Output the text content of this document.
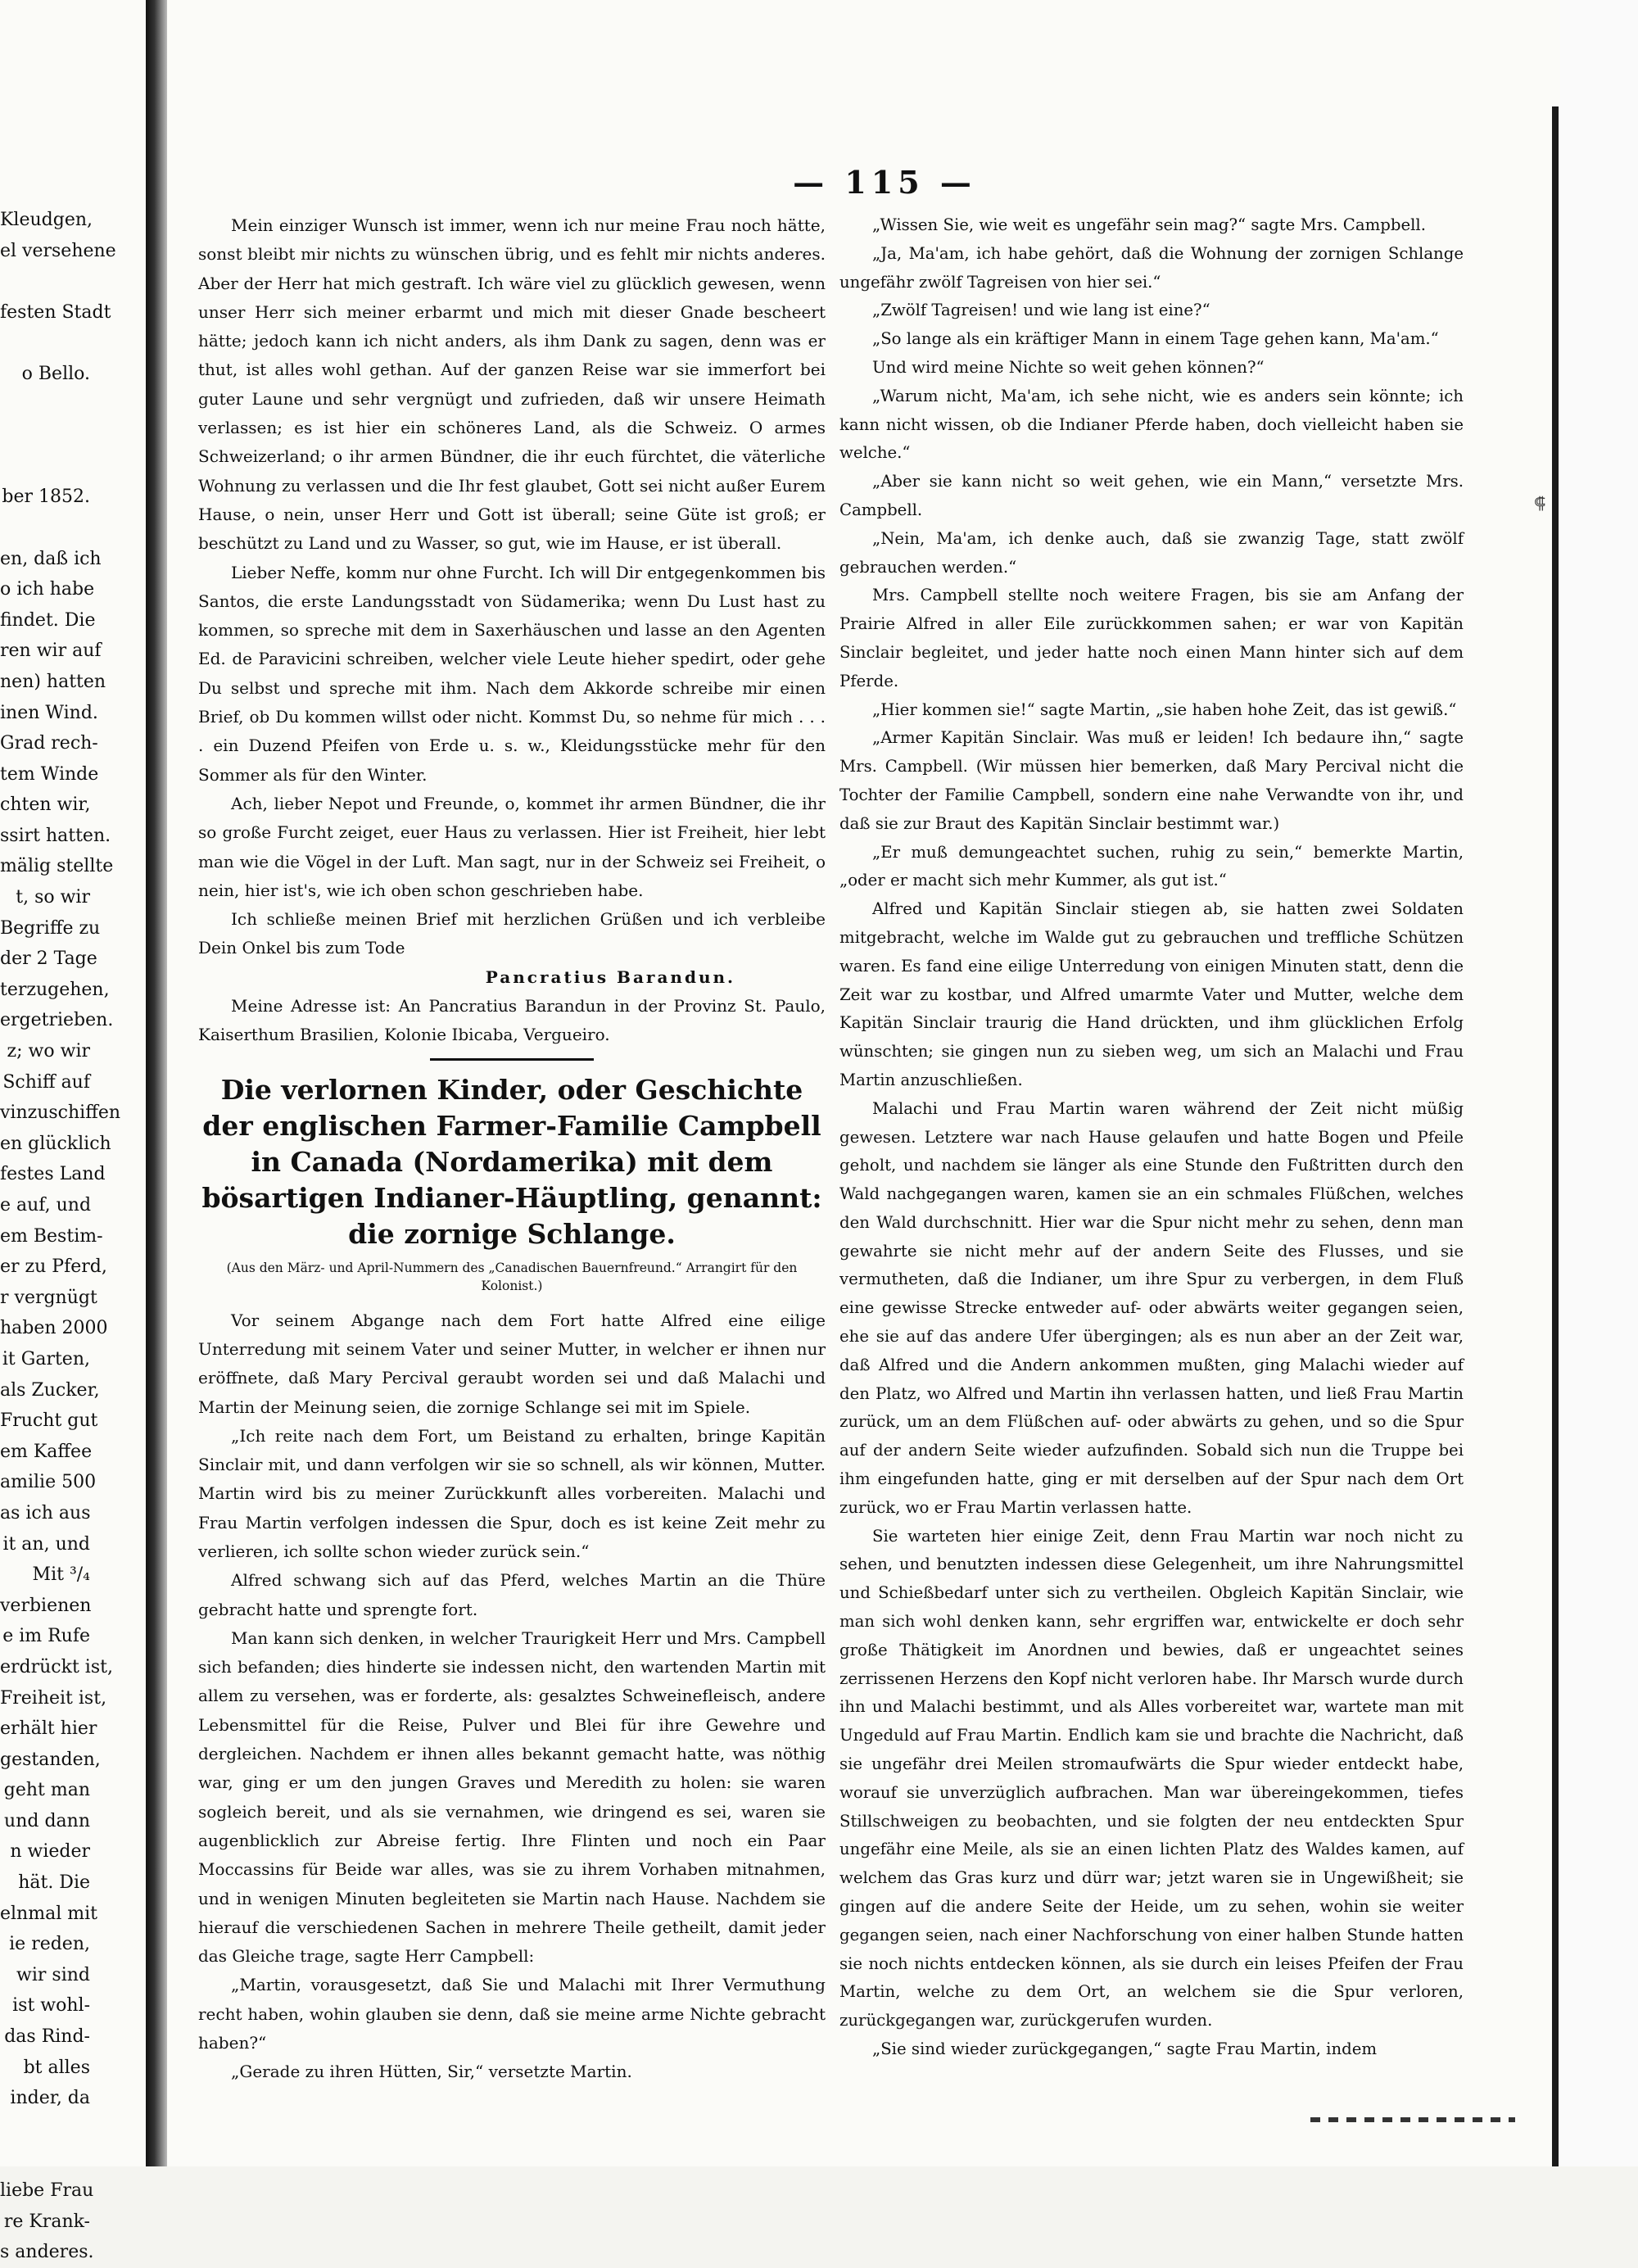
⸿
— 115 —
Kleudgen,
el versehene

festen Stadt

o Bello.

ber 1852.

en, daß ich
o ich habe
findet. Die
ren wir auf
nen) hatten
inen Wind.
Grad rech-
tem Winde
chten wir,
ssirt hatten.
mälig stellte
t, so wir
Begriffe zu
der 2 Tage
terzugehen,
ergetrieben.
z; wo wir
Schiff auf
vinzuschiffen
en glücklich
festes Land
e auf, und
em Bestim-
er zu Pferd,
r vergnügt
haben 2000
it Garten,
als Zucker,
Frucht gut
em Kaffee
amilie 500
as ich aus
it an, und
Mit ³/₄
verbienen
e im Rufe
erdrückt ist,
Freiheit ist,
erhält hier
gestanden,
geht man
und dann
n wieder
hät. Die
elnmal mit
ie reden,
wir sind
ist wohl-
das Rind-
bt alles
inder, da

liebe Frau
re Krank-
s anderes.

Mein einziger Wunsch ist immer, wenn ich nur meine Frau noch hätte, sonst bleibt mir nichts zu wünschen übrig, und es fehlt mir nichts anderes. Aber der Herr hat mich gestraft. Ich wäre viel zu glücklich gewesen, wenn unser Herr sich meiner erbarmt und mich mit dieser Gnade bescheert hätte; jedoch kann ich nicht anders, als ihm Dank zu sagen, denn was er thut, ist alles wohl gethan. Auf der ganzen Reise war sie immerfort bei guter Laune und sehr vergnügt und zufrieden, daß wir unsere Heimath verlassen; es ist hier ein schöneres Land, als die Schweiz. O armes Schweizerland; o ihr armen Bündner, die ihr euch fürchtet, die väterliche Wohnung zu verlassen und die Ihr fest glaubet, Gott sei nicht außer Eurem Hause, o nein, unser Herr und Gott ist überall; seine Güte ist groß; er beschützt zu Land und zu Wasser, so gut, wie im Hause, er ist überall.

Lieber Neffe, komm nur ohne Furcht. Ich will Dir entgegenkommen bis Santos, die erste Landungsstadt von Südamerika; wenn Du Lust hast zu kommen, so spreche mit dem in Saxerhäuschen und lasse an den Agenten Ed. de Paravicini schreiben, welcher viele Leute hieher spedirt, oder gehe Du selbst und spreche mit ihm. Nach dem Akkorde schreibe mir einen Brief, ob Du kommen willst oder nicht. Kommst Du, so nehme für mich . . . . ein Duzend Pfeifen von Erde u. s. w., Kleidungsstücke mehr für den Sommer als für den Winter.

Ach, lieber Nepot und Freunde, o, kommet ihr armen Bündner, die ihr so große Furcht zeiget, euer Haus zu verlassen. Hier ist Freiheit, hier lebt man wie die Vögel in der Luft. Man sagt, nur in der Schweiz sei Freiheit, o nein, hier ist's, wie ich oben schon geschrieben habe.

Ich schließe meinen Brief mit herzlichen Grüßen und ich verbleibe Dein Onkel bis zum Tode

Pancratius Barandun.

Meine Adresse ist: An Pancratius Barandun in der Provinz St. Paulo, Kaiserthum Brasilien, Kolonie Ibicaba, Vergueiro.

Die verlornen Kinder, oder Geschichte der englischen Farmer-Familie Campbell in Canada (Nordamerika) mit dem bösartigen Indianer-Häuptling, genannt: die zornige Schlange.
(Aus den März- und April-Nummern des „Canadischen Bauernfreund.“ Arrangirt für den Kolonist.)

Vor seinem Abgange nach dem Fort hatte Alfred eine eilige Unterredung mit seinem Vater und seiner Mutter, in welcher er ihnen nur eröffnete, daß Mary Percival geraubt worden sei und daß Malachi und Martin der Meinung seien, die zornige Schlange sei mit im Spiele.

„Ich reite nach dem Fort, um Beistand zu erhalten, bringe Kapitän Sinclair mit, und dann verfolgen wir sie so schnell, als wir können, Mutter. Martin wird bis zu meiner Zurückkunft alles vorbereiten. Malachi und Frau Martin verfolgen indessen die Spur, doch es ist keine Zeit mehr zu verlieren, ich sollte schon wieder zurück sein.“

Alfred schwang sich auf das Pferd, welches Martin an die Thüre gebracht hatte und sprengte fort.

Man kann sich denken, in welcher Traurigkeit Herr und Mrs. Campbell sich befanden; dies hinderte sie indessen nicht, den wartenden Martin mit allem zu versehen, was er forderte, als: gesalztes Schweinefleisch, andere Lebensmittel für die Reise, Pulver und Blei für ihre Gewehre und dergleichen. Nachdem er ihnen alles bekannt gemacht hatte, was nöthig war, ging er um den jungen Graves und Meredith zu holen: sie waren sogleich bereit, und als sie vernahmen, wie dringend es sei, waren sie augenblicklich zur Abreise fertig. Ihre Flinten und noch ein Paar Moccassins für Beide war alles, was sie zu ihrem Vorhaben mitnahmen, und in wenigen Minuten begleiteten sie Martin nach Hause. Nachdem sie hierauf die verschiedenen Sachen in mehrere Theile getheilt, damit jeder das Gleiche trage, sagte Herr Campbell:

„Martin, vorausgesetzt, daß Sie und Malachi mit Ihrer Vermuthung recht haben, wohin glauben sie denn, daß sie meine arme Nichte gebracht haben?“

„Gerade zu ihren Hütten, Sir,“ versetzte Martin.

„Wissen Sie, wie weit es ungefähr sein mag?“ sagte Mrs. Campbell.

„Ja, Ma'am, ich habe gehört, daß die Wohnung der zornigen Schlange ungefähr zwölf Tagreisen von hier sei.“

„Zwölf Tagreisen! und wie lang ist eine?“

„So lange als ein kräftiger Mann in einem Tage gehen kann, Ma'am.“

Und wird meine Nichte so weit gehen können?“

„Warum nicht, Ma'am, ich sehe nicht, wie es anders sein könnte; ich kann nicht wissen, ob die Indianer Pferde haben, doch vielleicht haben sie welche.“

„Aber sie kann nicht so weit gehen, wie ein Mann,“ versetzte Mrs. Campbell.

„Nein, Ma'am, ich denke auch, daß sie zwanzig Tage, statt zwölf gebrauchen werden.“

Mrs. Campbell stellte noch weitere Fragen, bis sie am Anfang der Prairie Alfred in aller Eile zurückkommen sahen; er war von Kapitän Sinclair begleitet, und jeder hatte noch einen Mann hinter sich auf dem Pferde.

„Hier kommen sie!“ sagte Martin, „sie haben hohe Zeit, das ist gewiß.“

„Armer Kapitän Sinclair. Was muß er leiden! Ich bedaure ihn,“ sagte Mrs. Campbell. (Wir müssen hier bemerken, daß Mary Percival nicht die Tochter der Familie Campbell, sondern eine nahe Verwandte von ihr, und daß sie zur Braut des Kapitän Sinclair bestimmt war.)

„Er muß demungeachtet suchen, ruhig zu sein,“ bemerkte Martin, „oder er macht sich mehr Kummer, als gut ist.“

Alfred und Kapitän Sinclair stiegen ab, sie hatten zwei Soldaten mitgebracht, welche im Walde gut zu gebrauchen und treffliche Schützen waren. Es fand eine eilige Unterredung von einigen Minuten statt, denn die Zeit war zu kostbar, und Alfred umarmte Vater und Mutter, welche dem Kapitän Sinclair traurig die Hand drückten, und ihm glücklichen Erfolg wünschten; sie gingen nun zu sieben weg, um sich an Malachi und Frau Martin anzuschließen.

Malachi und Frau Martin waren während der Zeit nicht müßig gewesen. Letztere war nach Hause gelaufen und hatte Bogen und Pfeile geholt, und nachdem sie länger als eine Stunde den Fußtritten durch den Wald nachgegangen waren, kamen sie an ein schmales Flüßchen, welches den Wald durchschnitt. Hier war die Spur nicht mehr zu sehen, denn man gewahrte sie nicht mehr auf der andern Seite des Flusses, und sie vermutheten, daß die Indianer, um ihre Spur zu verbergen, in dem Fluß eine gewisse Strecke entweder auf- oder abwärts weiter gegangen seien, ehe sie auf das andere Ufer übergingen; als es nun aber an der Zeit war, daß Alfred und die Andern ankommen mußten, ging Malachi wieder auf den Platz, wo Alfred und Martin ihn verlassen hatten, und ließ Frau Martin zurück, um an dem Flüßchen auf- oder abwärts zu gehen, und so die Spur auf der andern Seite wieder aufzufinden. Sobald sich nun die Truppe bei ihm eingefunden hatte, ging er mit derselben auf der Spur nach dem Ort zurück, wo er Frau Martin verlassen hatte.

Sie warteten hier einige Zeit, denn Frau Martin war noch nicht zu sehen, und benutzten indessen diese Gelegenheit, um ihre Nahrungsmittel und Schießbedarf unter sich zu vertheilen. Obgleich Kapitän Sinclair, wie man sich wohl denken kann, sehr ergriffen war, entwickelte er doch sehr große Thätigkeit im Anordnen und bewies, daß er ungeachtet seines zerrissenen Herzens den Kopf nicht verloren habe. Ihr Marsch wurde durch ihn und Malachi bestimmt, und als Alles vorbereitet war, wartete man mit Ungeduld auf Frau Martin. Endlich kam sie und brachte die Nachricht, daß sie ungefähr drei Meilen stromaufwärts die Spur wieder entdeckt habe, worauf sie unverzüglich aufbrachen. Man war übereingekommen, tiefes Stillschweigen zu beobachten, und sie folgten der neu entdeckten Spur ungefähr eine Meile, als sie an einen lichten Platz des Waldes kamen, auf welchem das Gras kurz und dürr war; jetzt waren sie in Ungewißheit; sie gingen auf die andere Seite der Heide, um zu sehen, wohin sie weiter gegangen seien, nach einer Nachforschung von einer halben Stunde hatten sie noch nichts entdecken können, als sie durch ein leises Pfeifen der Frau Martin, welche zu dem Ort, an welchem sie die Spur verloren, zurückgegangen war, zurückgerufen wurden.

„Sie sind wieder zurückgegangen,“ sagte Frau Martin, indem
